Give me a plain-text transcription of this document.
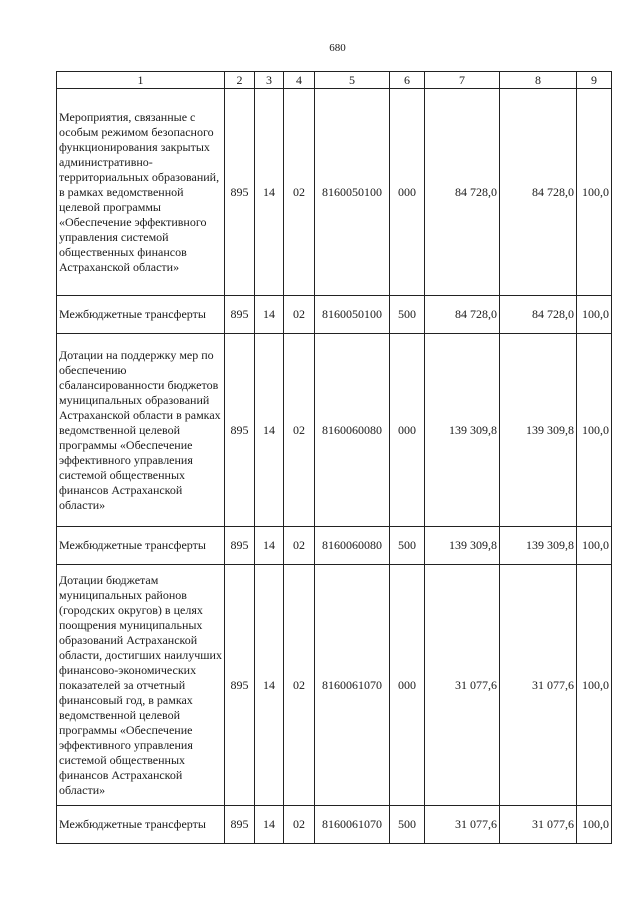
680
1	2	3	4	5	6	7	8	9
Мероприятия, связанные с особым режимом безопасного функционирования закрытых административно-территориальных образований, в рамках ведомственной целевой программы «Обеспечение эффективного управления системой общественных финансов Астраханской области»	895	14	02	8160050100	000	84 728,0	84 728,0	100,0
Межбюджетные трансферты	895	14	02	8160050100	500	84 728,0	84 728,0	100,0
Дотации на поддержку мер по обеспечению сбалансированности бюджетов муниципальных образований Астраханской области в рамках ведомственной целевой программы «Обеспечение эффективного управления системой общественных финансов Астраханской области»	895	14	02	8160060080	000	139 309,8	139 309,8	100,0
Межбюджетные трансферты	895	14	02	8160060080	500	139 309,8	139 309,8	100,0
Дотации бюджетам муниципальных районов (городских округов) в целях поощрения муниципальных образований Астраханской области, достигших наилучших финансово-экономических показателей за отчетный финансовый год, в рамках ведомственной целевой программы «Обеспечение эффективного управления системой общественных финансов Астраханской области»	895	14	02	8160061070	000	31 077,6	31 077,6	100,0
Межбюджетные трансферты	895	14	02	8160061070	500	31 077,6	31 077,6	100,0
